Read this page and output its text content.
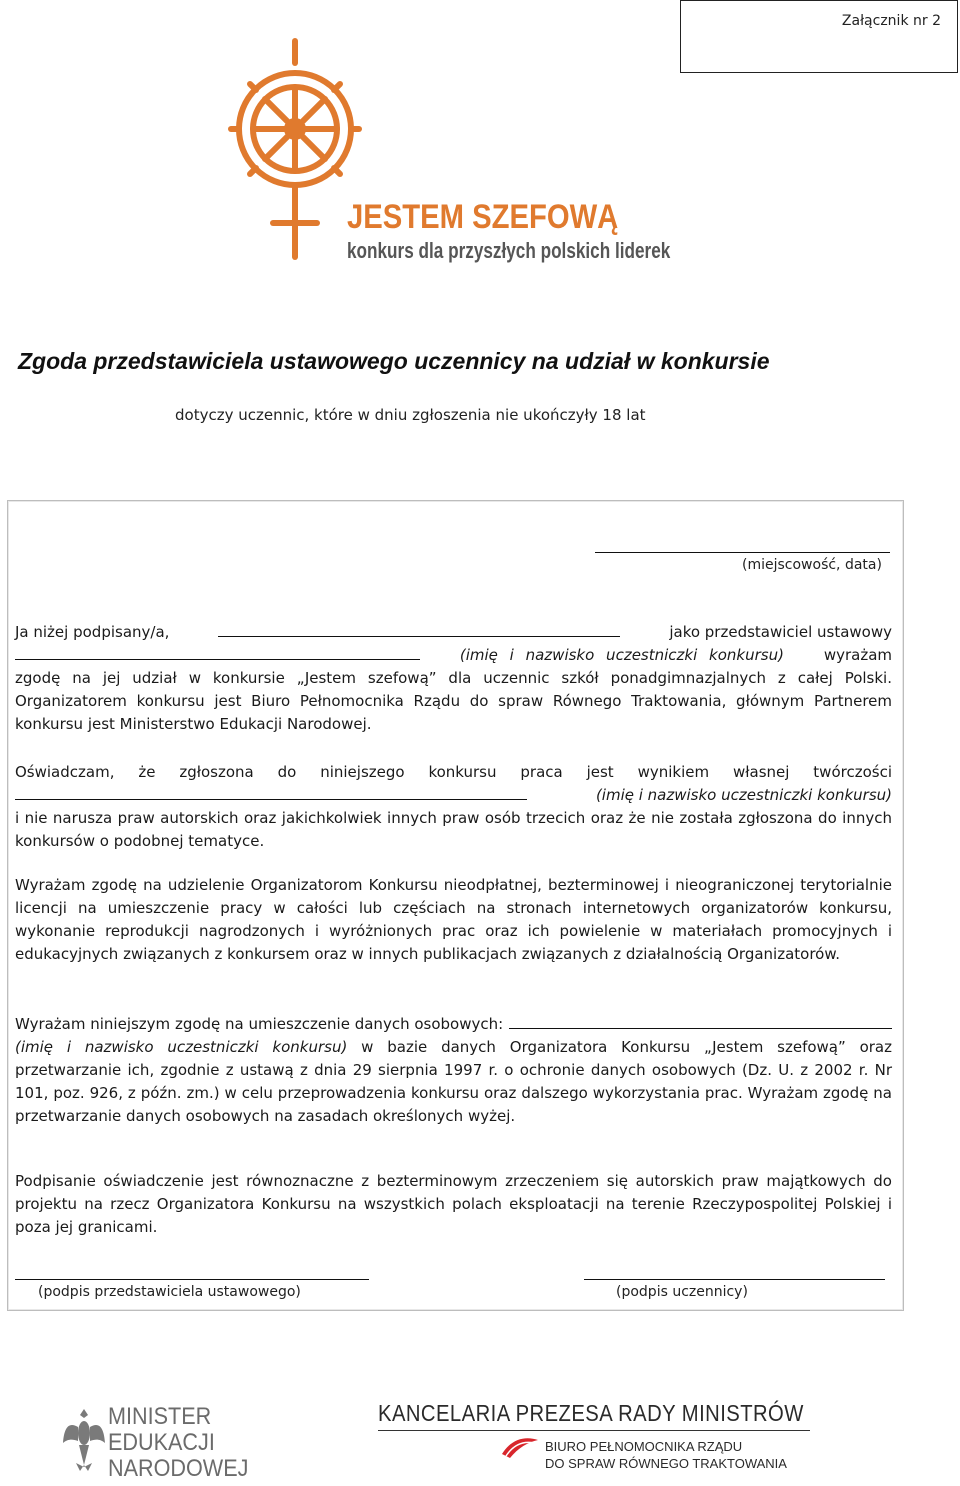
Załącznik nr 2
JESTEM SZEFOWĄ
konkurs dla przyszłych polskich liderek
Zgoda przedstawiciela ustawowego uczennicy na udział w konkursie
dotyczy uczennic, które w dniu zgłoszenia nie ukończyły 18 lat
(miejscowość, data)
Ja niżej podpisany/a,	jako przedstawiciel ustawowy
(imię i nazwisko uczestniczki konkursu)	wyrażam
zgodę na jej udział w konkursie „Jestem szefową” dla uczennic szkół ponadgimnazjalnych z całej Polski. Organizatorem konkursu jest Biuro Pełnomocnika Rządu do spraw Równego Traktowania, głównym Partnerem konkursu jest Ministerstwo Edukacji Narodowej.
Oświadczam, że zgłoszona do niniejszego konkursu praca jest wynikiem własnej twórczości
(imię i nazwisko uczestniczki konkursu)
i nie narusza praw autorskich oraz jakichkolwiek innych praw osób trzecich oraz że nie została zgłoszona do innych konkursów o podobnej tematyce.
Wyrażam zgodę na udzielenie Organizatorom Konkursu nieodpłatnej, bezterminowej i nieograniczonej terytorialnie licencji na umieszczenie pracy w całości lub częściach na stronach internetowych organizatorów konkursu, wykonanie reprodukcji nagrodzonych i wyróżnionych prac oraz ich powielenie w materiałach promocyjnych i edukacyjnych związanych z konkursem oraz w innych publikacjach związanych z działalnością Organizatorów.
Wyrażam niniejszym zgodę na umieszczenie danych osobowych:
(imię i nazwisko uczestniczki konkursu) w bazie danych Organizatora Konkursu „Jestem szefową” oraz przetwarzanie ich, zgodnie z ustawą z dnia 29 sierpnia 1997 r. o ochronie danych osobowych (Dz. U. z 2002 r. Nr 101, poz. 926, z późn. zm.) w celu przeprowadzenia konkursu oraz dalszego wykorzystania prac. Wyrażam zgodę na przetwarzanie danych osobowych na zasadach określonych wyżej.
Podpisanie oświadczenie jest równoznaczne z bezterminowym zrzeczeniem się autorskich praw majątkowych do projektu na rzecz Organizatora Konkursu na wszystkich polach eksploatacji na terenie Rzeczypospolitej Polskiej i poza jej granicami.
(podpis przedstawiciela ustawowego)	(podpis uczennicy)
MINISTER
EDUKACJI
NARODOWEJ
KANCELARIA PREZESA RADY MINISTRÓW
BIURO PEŁNOMOCNIKA RZĄDU
DO SPRAW RÓWNEGO TRAKTOWANIA
